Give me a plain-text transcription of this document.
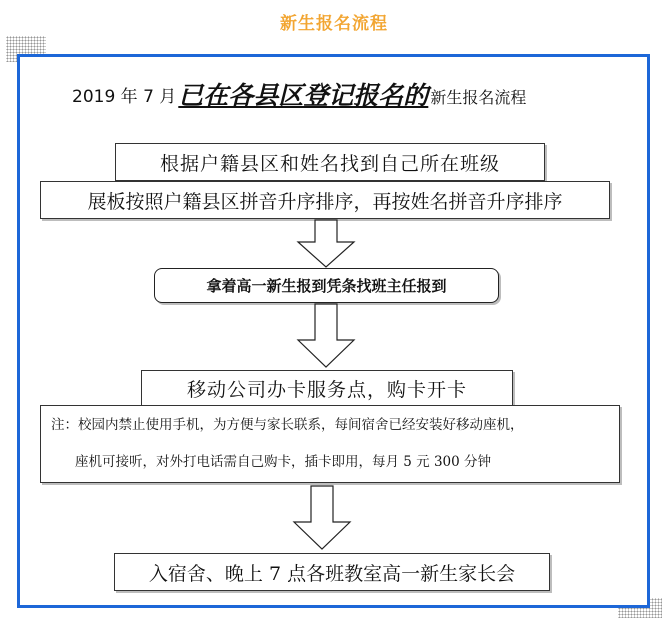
新生报名流程
2019 年 7 月 已在各县区登记报名的 新生报名流程
根据户籍县区和姓名找到自己所在班级
展板按照户籍县区拼音升序排序，再按姓名拼音升序排序
拿着高一新生报到凭条找班主任报到
移动公司办卡服务点，购卡开卡
注：校园内禁止使用手机，为方便与家长联系，每间宿舍已经安装好移动座机，
座机可接听，对外打电话需自己购卡，插卡即用，每月 5 元 300 分钟
入宿舍、晚上 7 点各班教室高一新生家长会
